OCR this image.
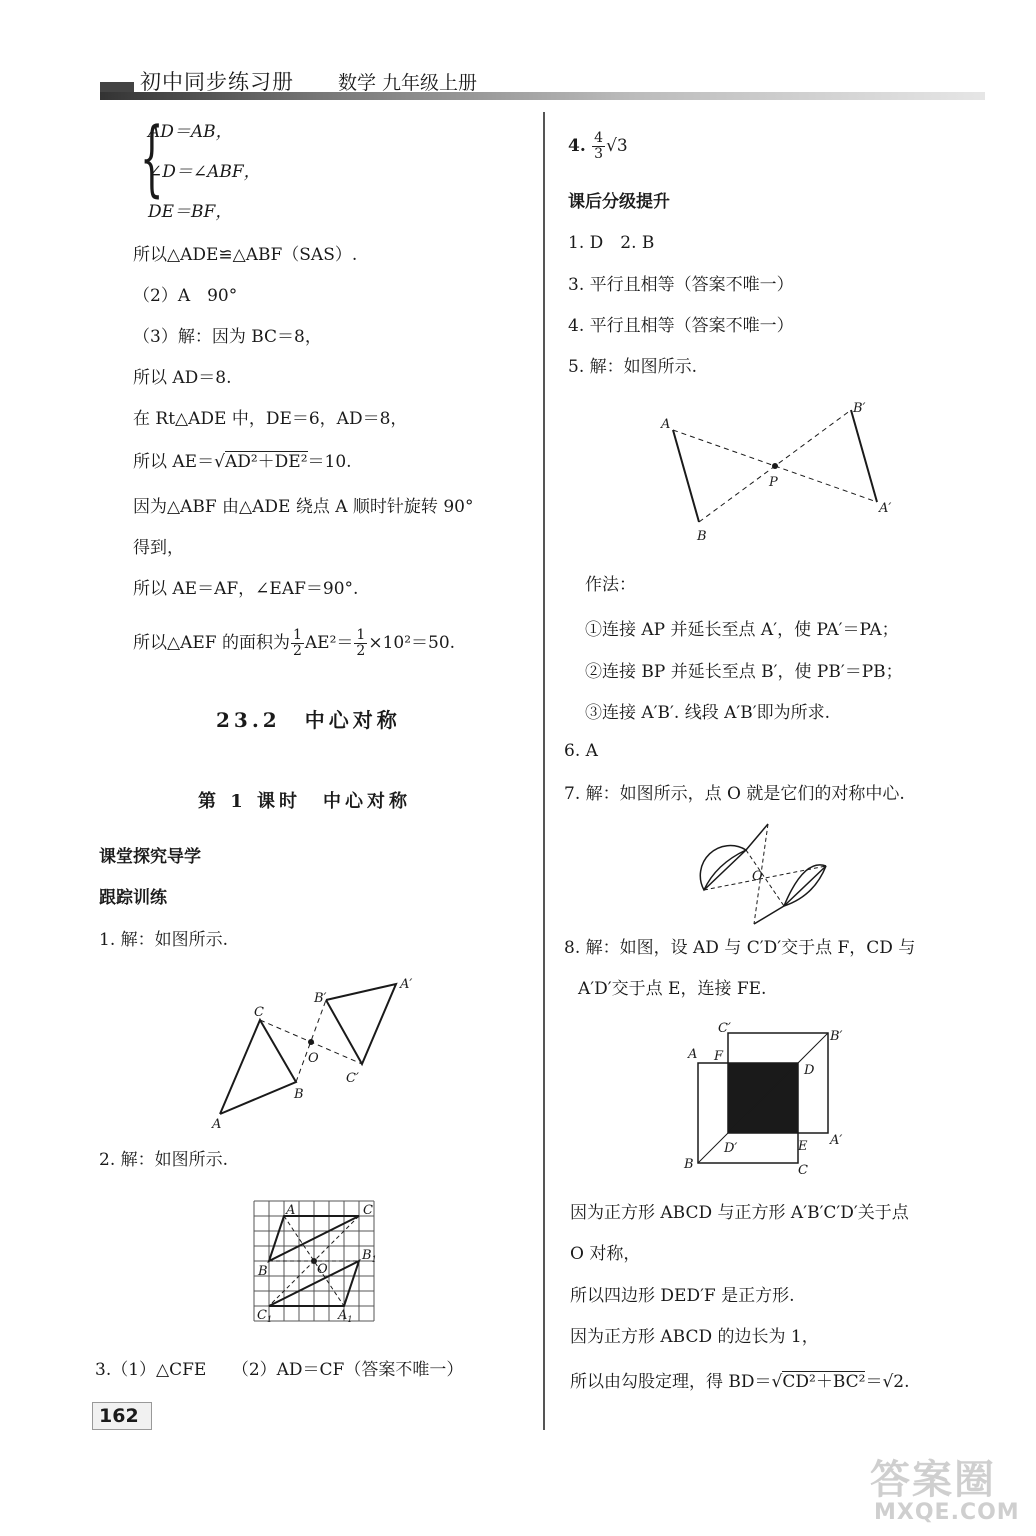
初中同步练习册 数学 九年级上册
{
AD＝AB，
∠D＝∠ABF，
DE＝BF，
所以△ADE≌△ABF（SAS）.
（2）A　90°
（3）解：因为 BC＝8，
所以 AD＝8.
在 Rt△ADE 中，DE＝6，AD＝8，
所以 AE＝√AD²＋DE²＝10.
因为△ABF 由△ADE 绕点 A 顺时针旋转 90°
得到，
所以 AE＝AF，∠EAF＝90°.
所以△AEF 的面积为 $\frac{1}{2} AE^2= \frac{1}{2} \times 10^2=50$.
23.2　中心对称
第 1 课时　中心对称
课堂探究导学
跟踪训练
1. 解：如图所示.
C
A
B
O
B′
A′
C′
2. 解：如图所示.
A	C
B	O
$B_1$
$C_1$	$A_1$
3.（1）△CFE　　（2）AD＝CF（答案不唯一）
162
4. $\frac{4}{3} √3$
课后分级提升
1. D　2. B
3. 平行且相等（答案不唯一）
4. 平行且相等（答案不唯一）
5. 解：如图所示.
A
B
P
B′
A′
作法：
①连接 AP 并延长至点 A′，使 PA′＝PA；
②连接 BP 并延长至点 B′，使 PB′＝PB；
③连接 A′B′. 线段 A′B′即为所求.
6. A
7. 解：如图所示，点 O 就是它们的对称中心.
O
8. 解：如图，设 AD 与 C′D′交于点 F，CD 与
A′D′交于点 E，连接 FE.
A F
C′
B′
D
D′	E A′
B	C
因为正方形 ABCD 与正方形 A′B′C′D′关于点
O 对称，
所以四边形 DED′F 是正方形.
因为正方形 ABCD 的边长为 1，
所以由勾股定理，得 BD＝√CD²＋BC²＝√2.
答案圈
MXQE.COM
